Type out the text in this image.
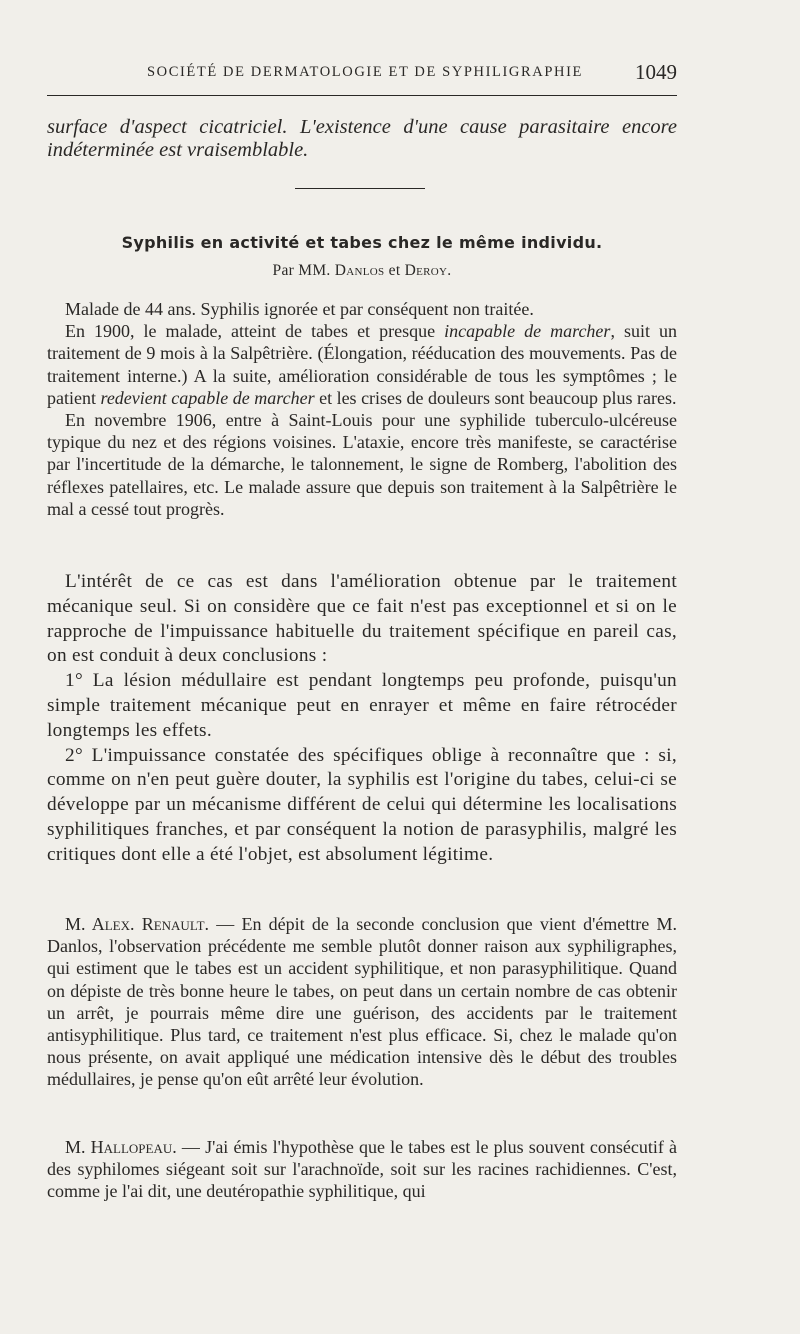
SOCIÉTÉ DE DERMATOLOGIE ET DE SYPHILIGRAPHIE 1049
surface d'aspect cicatriciel. L'existence d'une cause parasitaire encore indéterminée est vraisemblable.
Syphilis en activité et tabes chez le même individu.
Par MM. Danlos et Deroy.

Malade de 44 ans. Syphilis ignorée et par conséquent non traitée.

En 1900, le malade, atteint de tabes et presque incapable de marcher, suit un traitement de 9 mois à la Salpêtrière. (Élongation, rééducation des mouvements. Pas de traitement interne.) A la suite, amélioration considérable de tous les symptômes ; le patient redevient capable de marcher et les crises de douleurs sont beaucoup plus rares.

En novembre 1906, entre à Saint-Louis pour une syphilide tuberculo-ulcéreuse typique du nez et des régions voisines. L'ataxie, encore très manifeste, se caractérise par l'incertitude de la démarche, le talonnement, le signe de Romberg, l'abolition des réflexes patellaires, etc. Le malade assure que depuis son traitement à la Salpêtrière le mal a cessé tout progrès.

L'intérêt de ce cas est dans l'amélioration obtenue par le traitement mécanique seul. Si on considère que ce fait n'est pas exceptionnel et si on le rapproche de l'impuissance habituelle du traitement spécifique en pareil cas, on est conduit à deux conclusions :

1° La lésion médullaire est pendant longtemps peu profonde, puisqu'un simple traitement mécanique peut en enrayer et même en faire rétrocéder longtemps les effets.

2° L'impuissance constatée des spécifiques oblige à reconnaître que : si, comme on n'en peut guère douter, la syphilis est l'origine du tabes, celui-ci se développe par un mécanisme différent de celui qui détermine les localisations syphilitiques franches, et par conséquent la notion de parasyphilis, malgré les critiques dont elle a été l'objet, est absolument légitime.

M. Alex. Renault. — En dépit de la seconde conclusion que vient d'émettre M. Danlos, l'observation précédente me semble plutôt donner raison aux syphiligraphes, qui estiment que le tabes est un accident syphilitique, et non parasyphilitique. Quand on dépiste de très bonne heure le tabes, on peut dans un certain nombre de cas obtenir un arrêt, je pourrais même dire une guérison, des accidents par le traitement antisyphilitique. Plus tard, ce traitement n'est plus efficace. Si, chez le malade qu'on nous présente, on avait appliqué une médication intensive dès le début des troubles médullaires, je pense qu'on eût arrêté leur évolution.

M. Hallopeau. — J'ai émis l'hypothèse que le tabes est le plus souvent consécutif à des syphilomes siégeant soit sur l'arachnoïde, soit sur les racines rachidiennes. C'est, comme je l'ai dit, une deutéropathie syphilitique, qui
